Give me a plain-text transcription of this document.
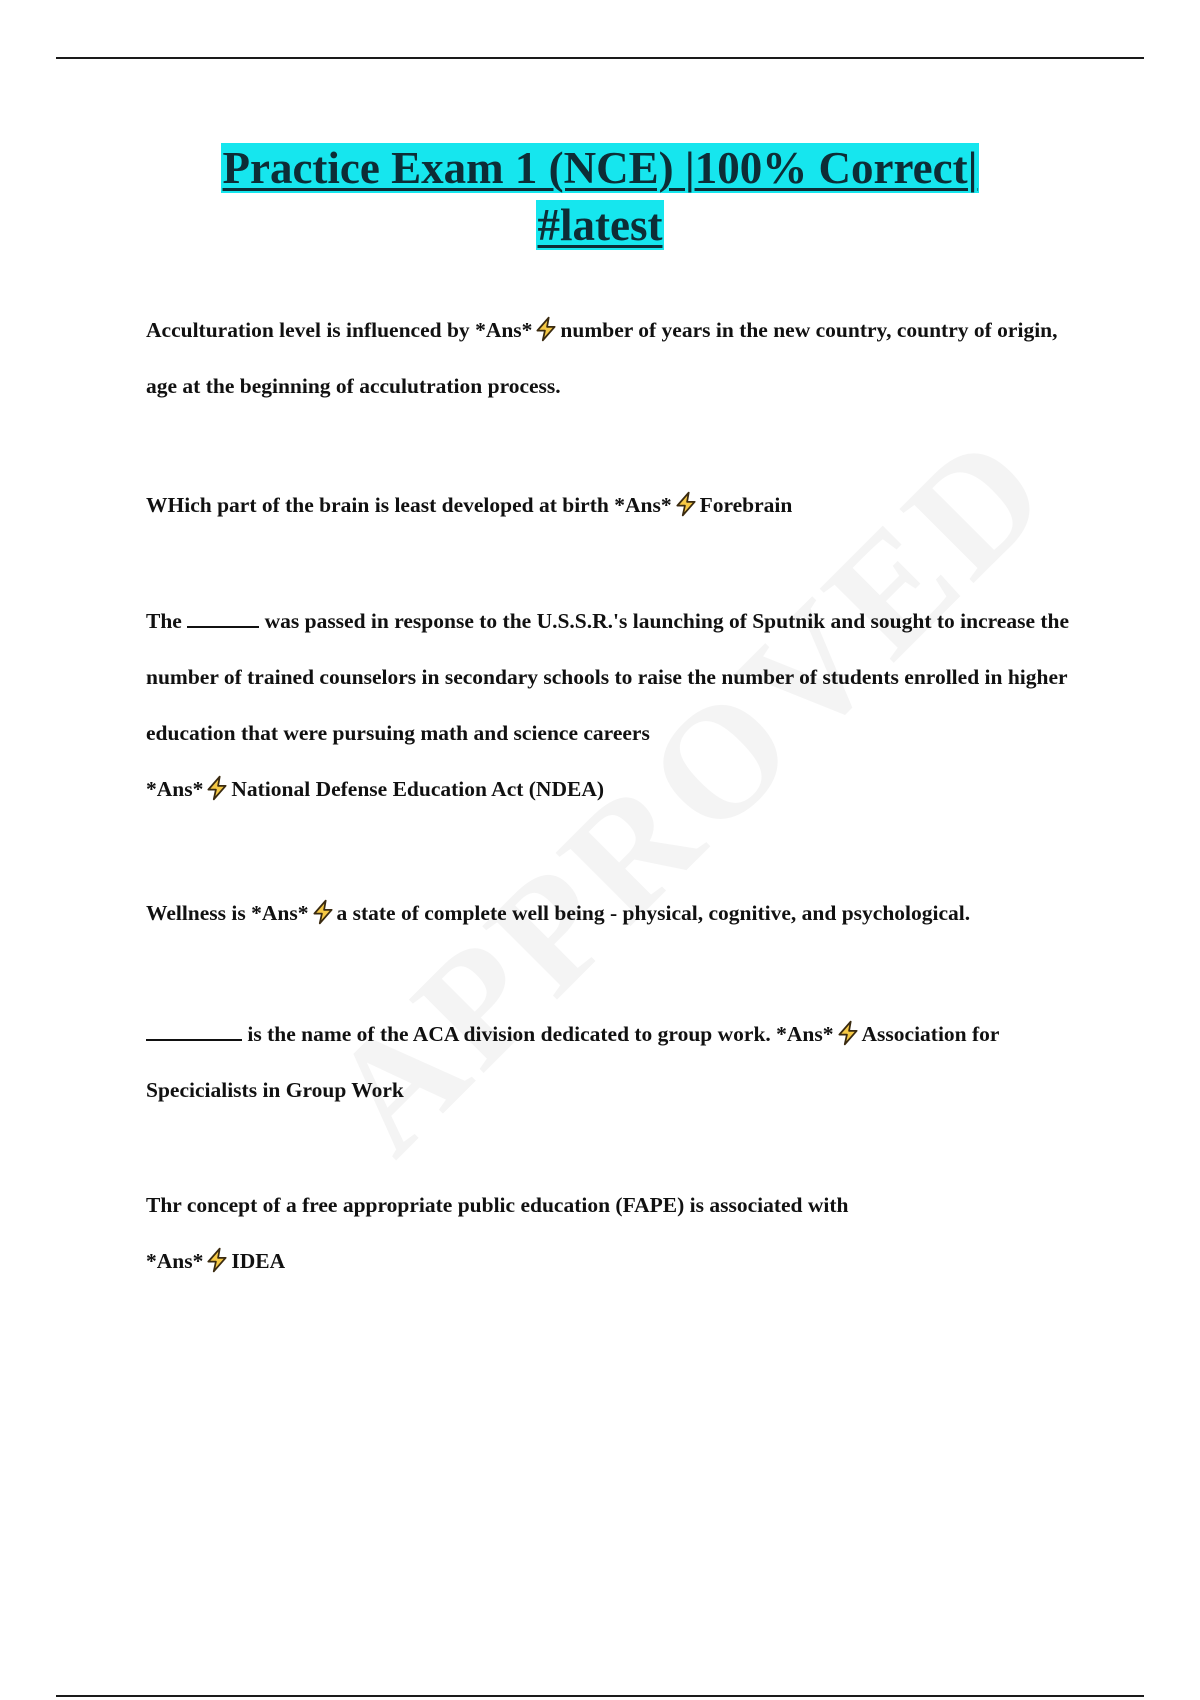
Practice Exam 1 (NCE) |100% Correct|
#latest

Acculturation level is influenced by *Ans* number of years in the new country, country of origin, age at the beginning of acculutration process.

WHich part of the brain is least developed at birth *Ans* Forebrain

The	was passed in response to the U.S.S.R.'s launching of Sputnik and sought to increase the number of trained counselors in secondary schools to raise the number of students enrolled in higher education that were pursuing math and science careers
*Ans* National Defense Education Act (NDEA)

Wellness is *Ans* a state of complete well being - physical, cognitive, and psychological.

is the name of the ACA division dedicated to group work. *Ans* Association for Specicialists in Group Work

Thr concept of a free appropriate public education (FAPE) is associated with
*Ans* IDEA
